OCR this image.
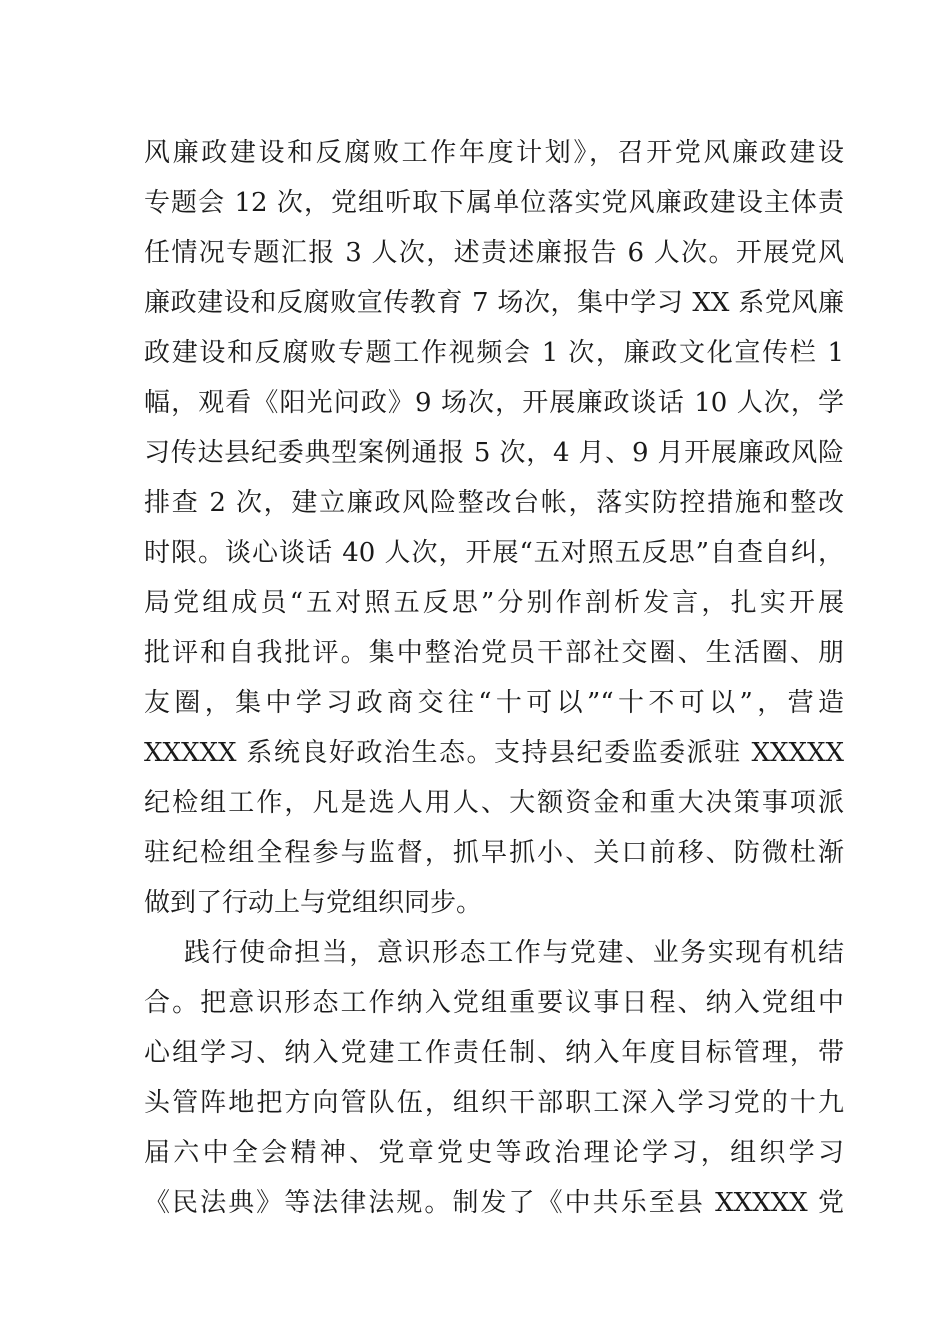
风廉政建设和反腐败工作年度计划》，召开党风廉政建设
专题会 12 次，党组听取下属单位落实党风廉政建设主体责
任情况专题汇报 3 人次，述责述廉报告 6 人次。开展党风
廉政建设和反腐败宣传教育 7 场次，集中学习 XX 系党风廉
政建设和反腐败专题工作视频会 1 次，廉政文化宣传栏 1
幅，观看《阳光问政》9 场次，开展廉政谈话 10 人次，学
习传达县纪委典型案例通报 5 次，4 月、9 月开展廉政风险
排查 2 次，建立廉政风险整改台帐，落实防控措施和整改
时限。谈心谈话 40 人次，开展“五对照五反思”自查自纠，
局党组成员“五对照五反思”分别作剖析发言，扎实开展
批评和自我批评。集中整治党员干部社交圈、生活圈、朋
友圈，集中学习政商交往“十可以”“十不可以”，营造
XXXXX 系统良好政治生态。支持县纪委监委派驻 XXXXX
纪检组工作，凡是选人用人、大额资金和重大决策事项派
驻纪检组全程参与监督，抓早抓小、关口前移、防微杜渐
做到了行动上与党组织同步。
践行使命担当，意识形态工作与党建、业务实现有机结
合。把意识形态工作纳入党组重要议事日程、纳入党组中
心组学习、纳入党建工作责任制、纳入年度目标管理，带
头管阵地把方向管队伍，组织干部职工深入学习党的十九
届六中全会精神、党章党史等政治理论学习，组织学习
《民法典》等法律法规。制发了《中共乐至县 XXXXX 党
